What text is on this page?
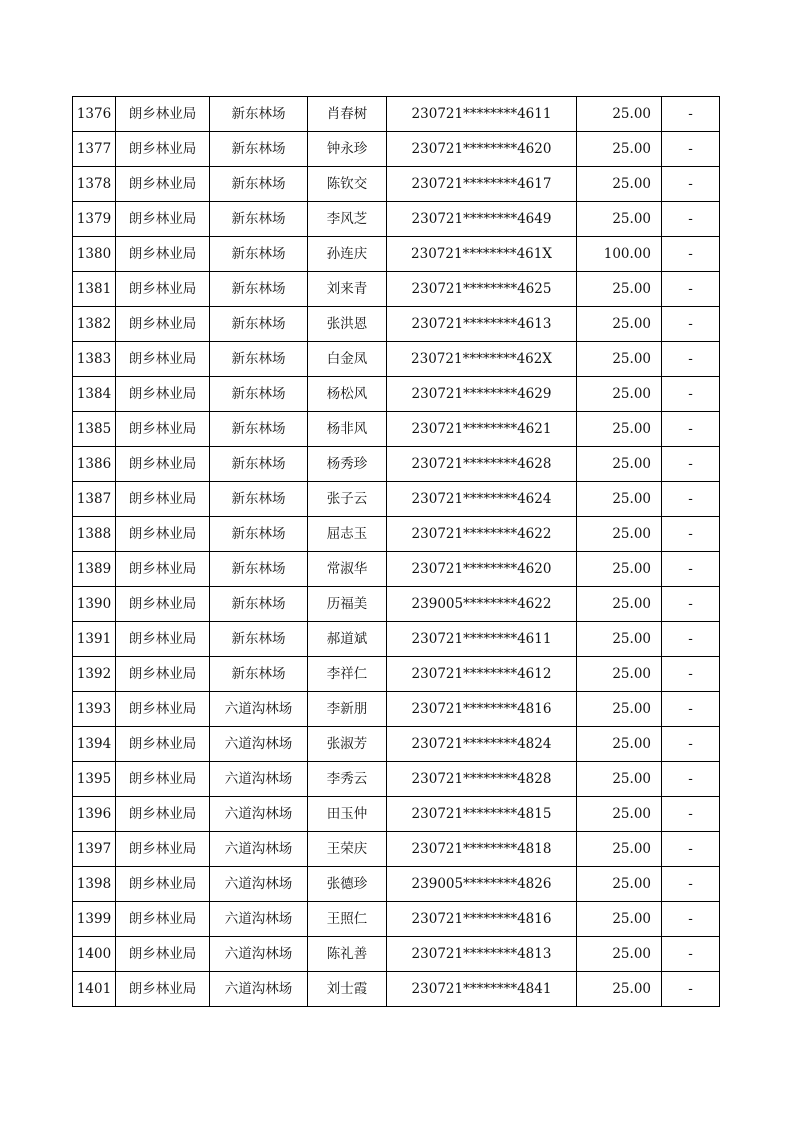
1376	朗乡林业局	新东林场	肖春树	230721********4611	25.00	-
1377	朗乡林业局	新东林场	钟永珍	230721********4620	25.00	-
1378	朗乡林业局	新东林场	陈钦交	230721********4617	25.00	-
1379	朗乡林业局	新东林场	李风芝	230721********4649	25.00	-
1380	朗乡林业局	新东林场	孙连庆	230721********461X	100.00	-
1381	朗乡林业局	新东林场	刘来青	230721********4625	25.00	-
1382	朗乡林业局	新东林场	张洪恩	230721********4613	25.00	-
1383	朗乡林业局	新东林场	白金凤	230721********462X	25.00	-
1384	朗乡林业局	新东林场	杨松风	230721********4629	25.00	-
1385	朗乡林业局	新东林场	杨非风	230721********4621	25.00	-
1386	朗乡林业局	新东林场	杨秀珍	230721********4628	25.00	-
1387	朗乡林业局	新东林场	张子云	230721********4624	25.00	-
1388	朗乡林业局	新东林场	屈志玉	230721********4622	25.00	-
1389	朗乡林业局	新东林场	常淑华	230721********4620	25.00	-
1390	朗乡林业局	新东林场	历福美	239005********4622	25.00	-
1391	朗乡林业局	新东林场	郝道斌	230721********4611	25.00	-
1392	朗乡林业局	新东林场	李祥仁	230721********4612	25.00	-
1393	朗乡林业局	六道沟林场	李新朋	230721********4816	25.00	-
1394	朗乡林业局	六道沟林场	张淑芳	230721********4824	25.00	-
1395	朗乡林业局	六道沟林场	李秀云	230721********4828	25.00	-
1396	朗乡林业局	六道沟林场	田玉仲	230721********4815	25.00	-
1397	朗乡林业局	六道沟林场	王荣庆	230721********4818	25.00	-
1398	朗乡林业局	六道沟林场	张德珍	239005********4826	25.00	-
1399	朗乡林业局	六道沟林场	王照仁	230721********4816	25.00	-
1400	朗乡林业局	六道沟林场	陈礼善	230721********4813	25.00	-
1401	朗乡林业局	六道沟林场	刘士霞	230721********4841	25.00	-
